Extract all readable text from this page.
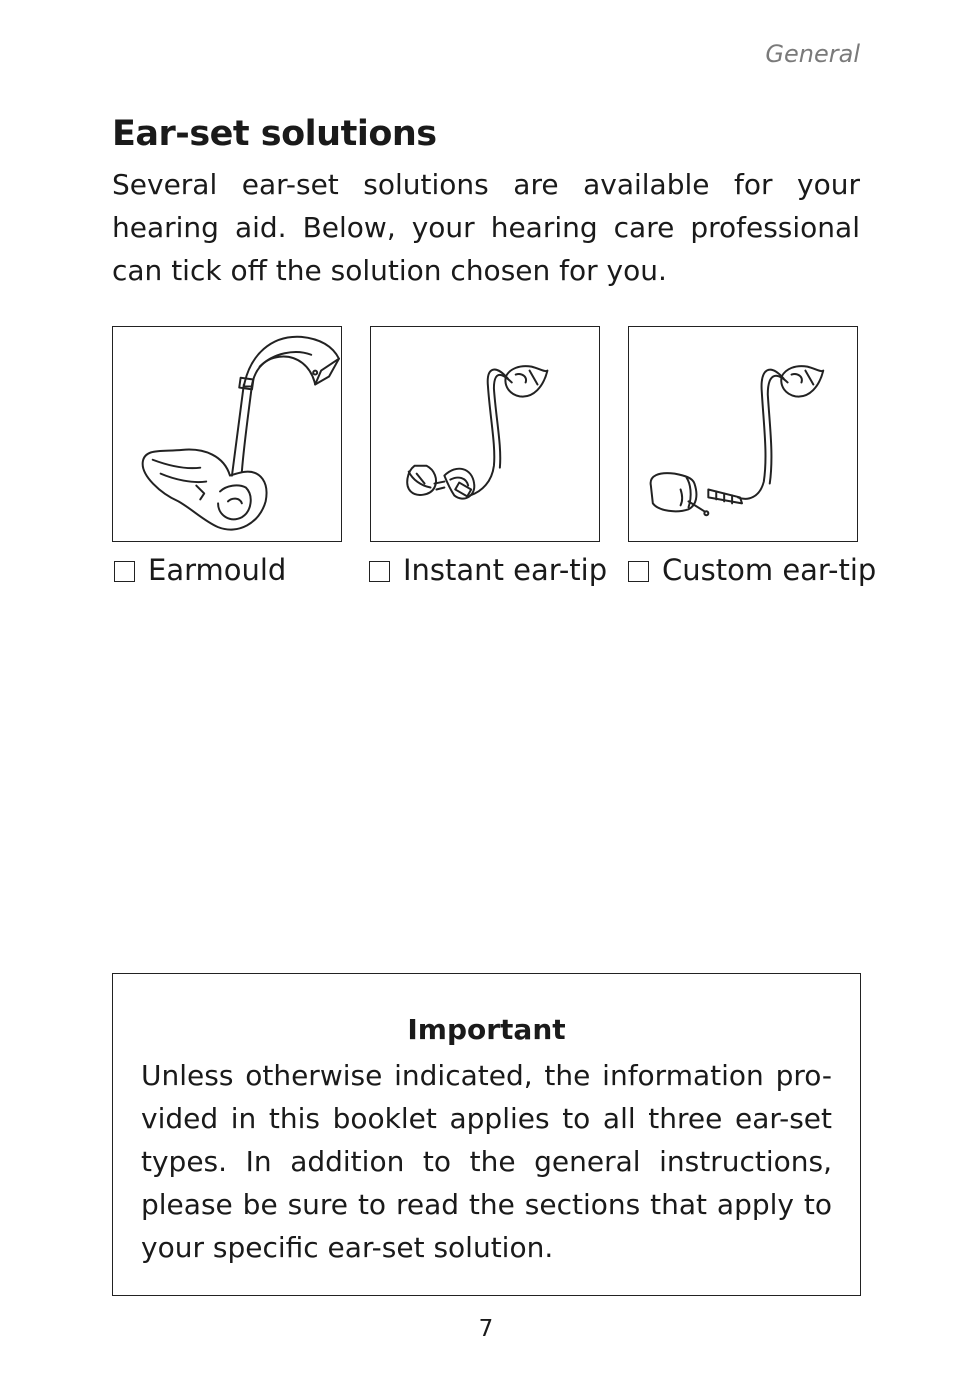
General
Ear-set solutions

Several ear-set solutions are available for your hearing aid. Below, your hearing care professional can tick off the solution chosen for you.

Earmould	Instant ear-tip Custom ear-tip
Important

Unless otherwise indicated, the information pro-vided in this booklet applies to all three ear-set types. In addition to the general instructions, please be sure to read the sections that apply to your specific ear-set solution.

7
